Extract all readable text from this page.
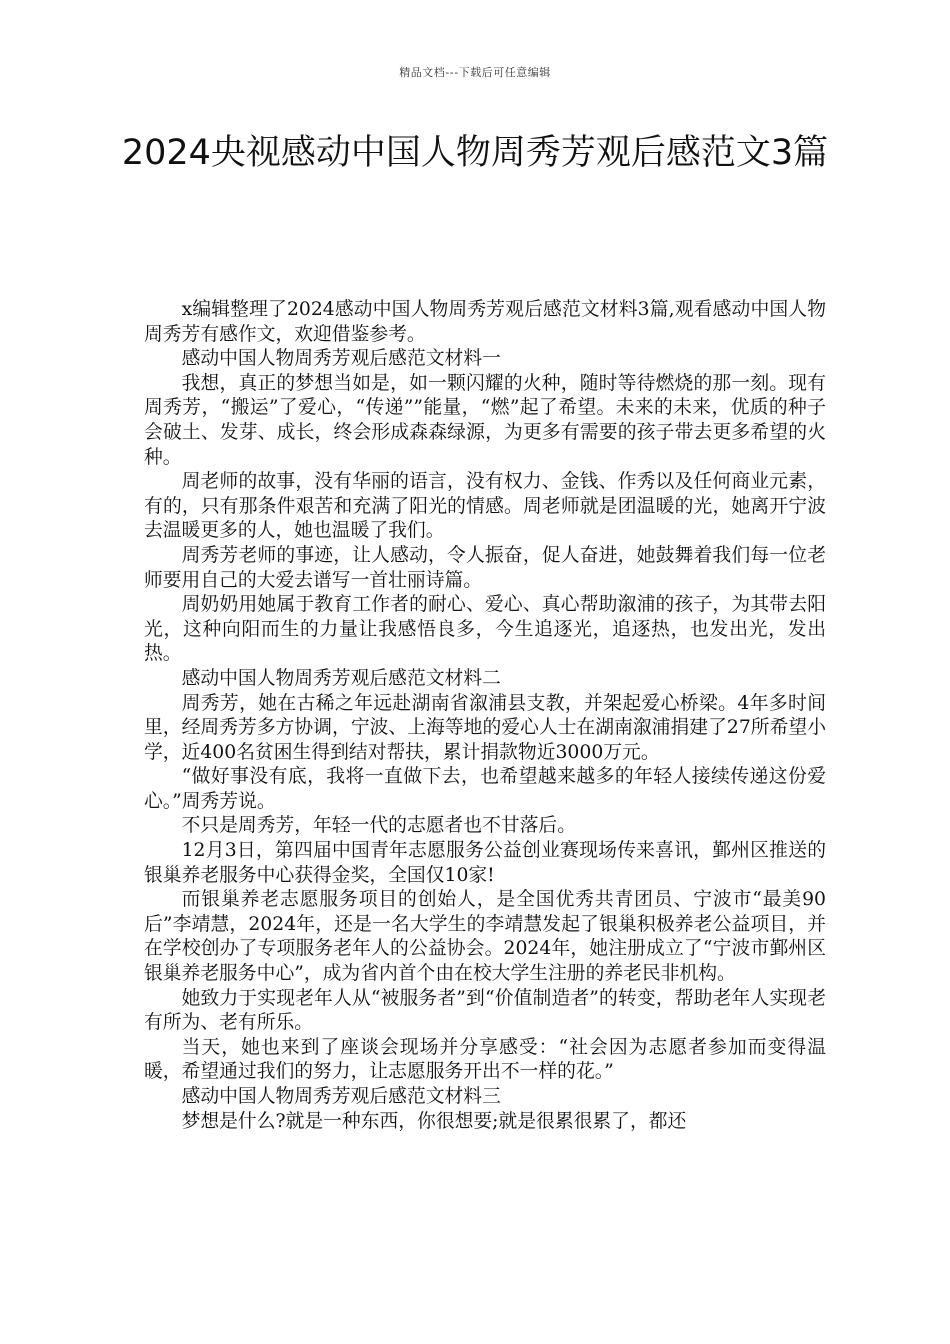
精品文档---下载后可任意编辑
2024央视感动中国人物周秀芳观后感范文3篇

x编辑整理了2024感动中国人物周秀芳观后感范文材料3篇,观看感动中国人物周秀芳有感作文，欢迎借鉴参考。

感动中国人物周秀芳观后感范文材料一

我想，真正的梦想当如是，如一颗闪耀的火种，随时等待燃烧的那一刻。现有周秀芳，“搬运”了爱心，“传递””能量，“燃”起了希望。未来的未来，优质的种子会破土、发芽、成长，终会形成森森绿源，为更多有需要的孩子带去更多希望的火种。

周老师的故事，没有华丽的语言，没有权力、金钱、作秀以及任何商业元素，有的，只有那条件艰苦和充满了阳光的情感。周老师就是团温暖的光，她离开宁波去温暖更多的人，她也温暖了我们。

周秀芳老师的事迹，让人感动，令人振奋，促人奋进，她鼓舞着我们每一位老师要用自己的大爱去谱写一首壮丽诗篇。

周奶奶用她属于教育工作者的耐心、爱心、真心帮助溆浦的孩子，为其带去阳光，这种向阳而生的力量让我感悟良多，今生追逐光，追逐热，也发出光，发出热。

感动中国人物周秀芳观后感范文材料二

周秀芳，她在古稀之年远赴湖南省溆浦县支教，并架起爱心桥梁。4年多时间里，经周秀芳多方协调，宁波、上海等地的爱心人士在湖南溆浦捐建了27所希望小学，近400名贫困生得到结对帮扶，累计捐款物近3000万元。

“做好事没有底，我将一直做下去，也希望越来越多的年轻人接续传递这份爱心。”周秀芳说。

不只是周秀芳，年轻一代的志愿者也不甘落后。

12月3日，第四届中国青年志愿服务公益创业赛现场传来喜讯，鄞州区推送的银巢养老服务中心获得金奖，全国仅10家!

而银巢养老志愿服务项目的创始人，是全国优秀共青团员、宁波市“最美90后”李靖慧，2024年，还是一名大学生的李靖慧发起了银巢积极养老公益项目，并在学校创办了专项服务老年人的公益协会。2024年，她注册成立了“宁波市鄞州区银巢养老服务中心”，成为省内首个由在校大学生注册的养老民非机构。

她致力于实现老年人从“被服务者”到“价值制造者”的转变，帮助老年人实现老有所为、老有所乐。

当天，她也来到了座谈会现场并分享感受：“社会因为志愿者参加而变得温暖，希望通过我们的努力，让志愿服务开出不一样的花。”

感动中国人物周秀芳观后感范文材料三

梦想是什么?就是一种东西，你很想要;就是很累很累了，都还
